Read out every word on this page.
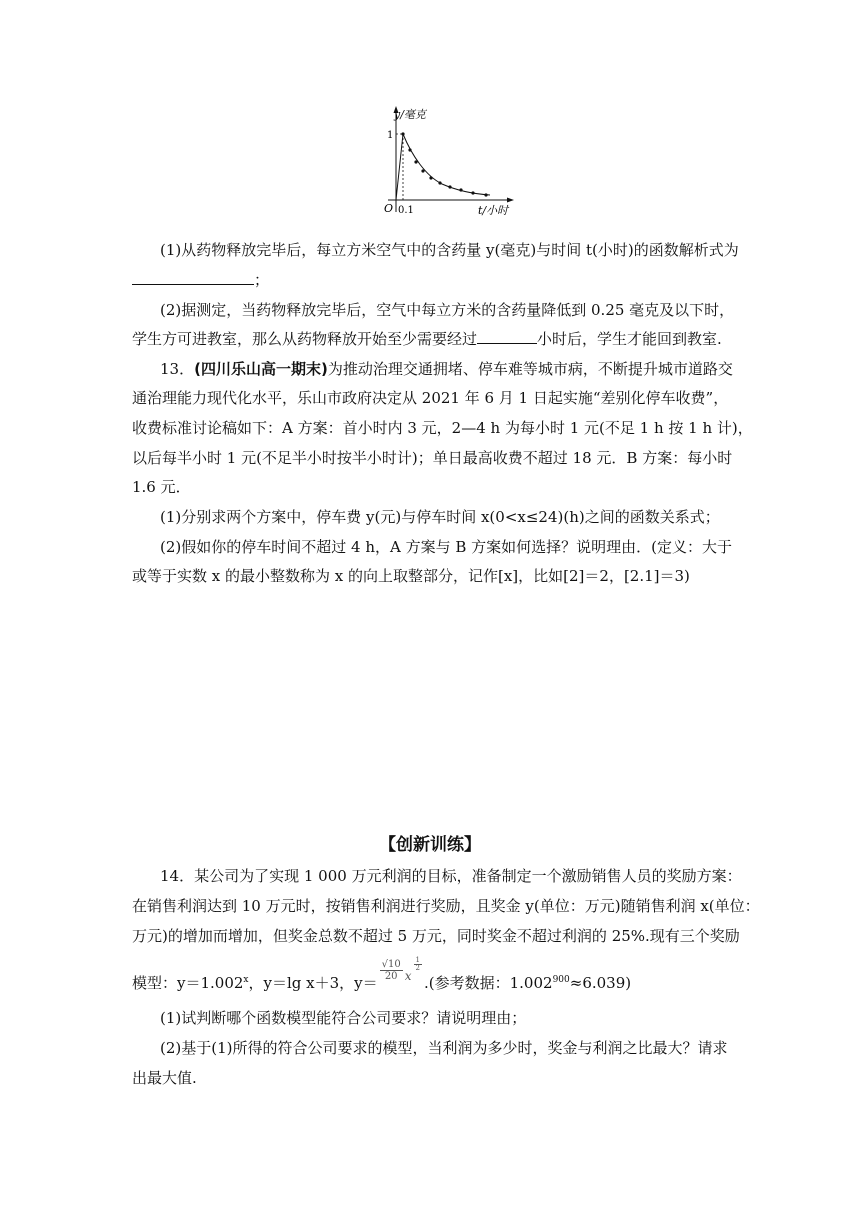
y/毫克
O 0.1
1
t/小时
(1)从药物释放完毕后，每立方米空气中的含药量 y(毫克)与时间 t(小时)的函数解析式为
；
(2)据测定，当药物释放完毕后，空气中每立方米的含药量降低到 0.25 毫克及以下时，
学生方可进教室，那么从药物释放开始至少需要经过	小时后，学生才能回到教室.
13．(四川乐山高一期末)为推动治理交通拥堵、停车难等城市病，不断提升城市道路交
通治理能力现代化水平，乐山市政府决定从 2021 年 6 月 1 日起实施“差别化停车收费”，
收费标准讨论稿如下：A 方案：首小时内 3 元，2—4 h 为每小时 1 元(不足 1 h 按 1 h 计)，
以后每半小时 1 元(不足半小时按半小时计)；单日最高收费不超过 18 元．B 方案：每小时
1.6 元．
(1)分别求两个方案中，停车费 y(元)与停车时间 x(0<x≤24)(h)之间的函数关系式；
(2)假如你的停车时间不超过 4 h，A 方案与 B 方案如何选择？说明理由．(定义：大于
或等于实数 x 的最小整数称为 x 的向上取整部分，记作[x]，比如[2]＝2，[2.1]＝3)
【创新训练】
14．某公司为了实现 1 000 万元利润的目标，准备制定一个激励销售人员的奖励方案：
在销售利润达到 10 万元时，按销售利润进行奖励，且奖金 y(单位：万元)随销售利润 x(单位：
万元)的增加而增加，但奖金总数不超过 5 万元，同时奖金不超过利润的 25%.现有三个奖励
模型：$y=1.002^x$，y＝lg x＋3，y＝
$\frac{√10}{20} ^x$
$\frac{1}{2}$
.(参考数据：$1.002^{900}\approx 6.039$)
(1)试判断哪个函数模型能符合公司要求？请说明理由；
(2)基于(1)所得的符合公司要求的模型，当利润为多少时，奖金与利润之比最大？请求
出最大值.
